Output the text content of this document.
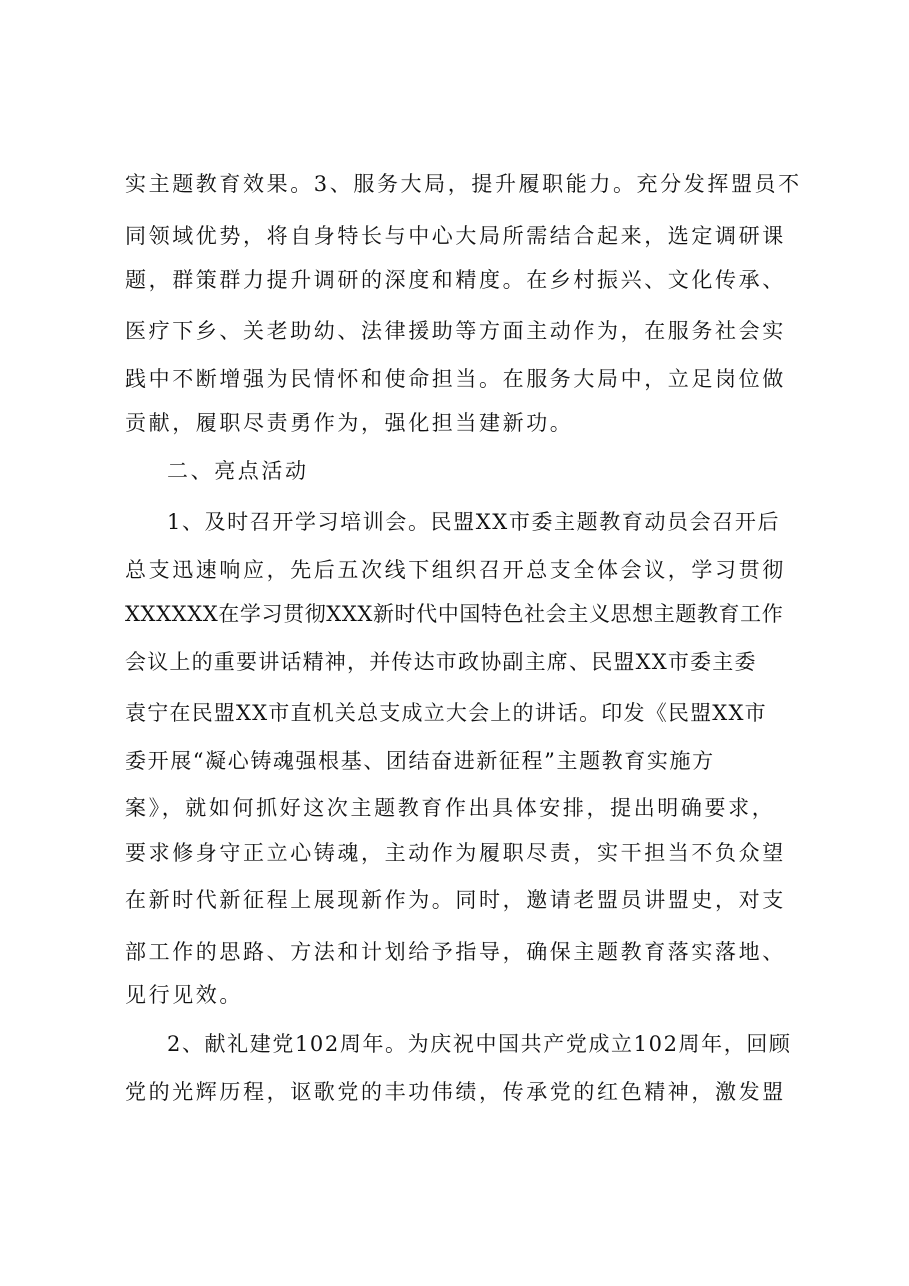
实主题教育效果。3、服务大局，提升履职能力。充分发挥盟员不
同领域优势，将自身特长与中心大局所需结合起来，选定调研课
题，群策群力提升调研的深度和精度。在乡村振兴、文化传承、
医疗下乡、关老助幼、法律援助等方面主动作为，在服务社会实
践中不断增强为民情怀和使命担当。在服务大局中，立足岗位做
贡献，履职尽责勇作为，强化担当建新功。
二、亮点活动
1、及时召开学习培训会。民盟XX市委主题教育动员会召开后
总支迅速响应，先后五次线下组织召开总支全体会议，学习贯彻
XXXXXX在学习贯彻XXX新时代中国特色社会主义思想主题教育工作
会议上的重要讲话精神，并传达市政协副主席、民盟XX市委主委
袁宁在民盟XX市直机关总支成立大会上的讲话。印发《民盟XX市
委开展“凝心铸魂强根基、团结奋进新征程”主题教育实施方
案》，就如何抓好这次主题教育作出具体安排，提出明确要求，
要求修身守正立心铸魂，主动作为履职尽责，实干担当不负众望
在新时代新征程上展现新作为。同时，邀请老盟员讲盟史，对支
部工作的思路、方法和计划给予指导，确保主题教育落实落地、
见行见效。
2、献礼建党102周年。为庆祝中国共产党成立102周年，回顾
党的光辉历程，讴歌党的丰功伟绩，传承党的红色精神，激发盟
